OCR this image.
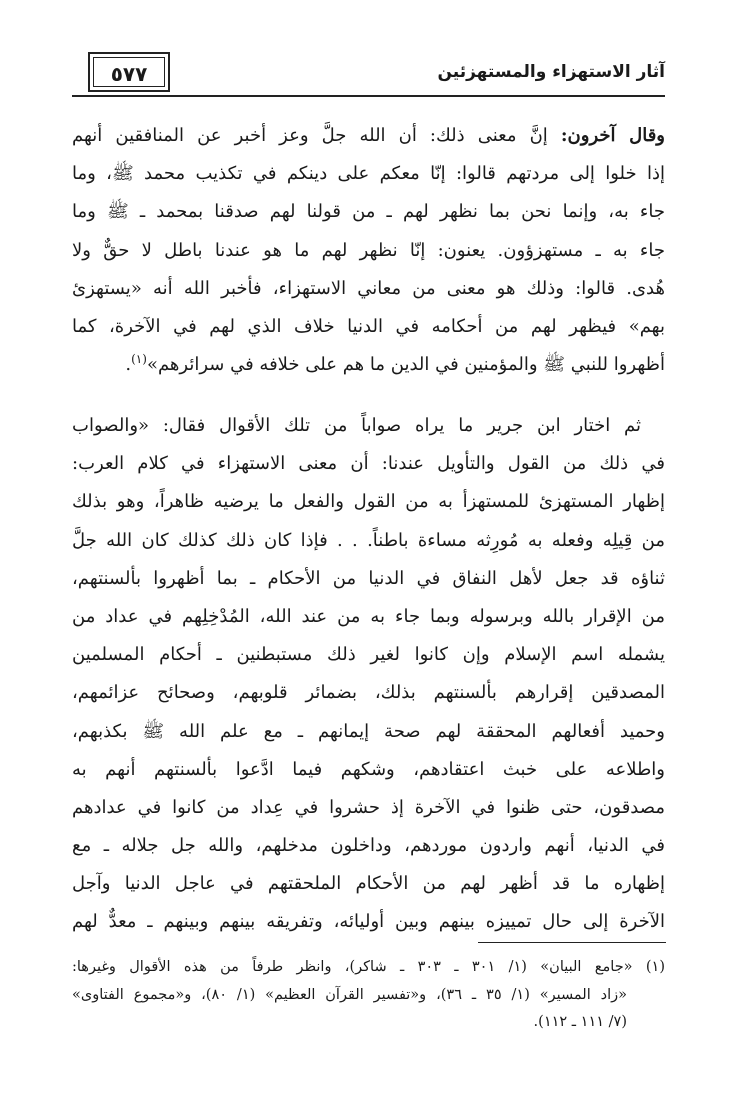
آثار الاستهزاء والمستهزئين
٥٧٧
وقال آخرون: إنَّ معنى ذلك: أن الله جلَّ وعز أخبر عن المنافقين أنهم
إذا خلوا إلى مردتهم قالوا: إنّا معكم على دينكم في تكذيب محمد ﷺ، وما
جاء به، وإنما نحن بما نظهر لهم ـ من قولنا لهم صدقنا بمحمد ـ ﷺ وما
جاء به ـ مستهزؤون. يعنون: إنّا نظهر لهم ما هو عندنا باطل لا حقٌّ ولا
هُدى. قالوا: وذلك هو معنى من معاني الاستهزاء، فأخبر الله أنه «يستهزئ
بهم» فيظهر لهم من أحكامه في الدنيا خلاف الذي لهم في الآخرة، كما
أظهروا للنبي ﷺ والمؤمنين في الدين ما هم على خلافه في سرائرهم»$^{(١)}$.
ثم اختار ابن جرير ما يراه صواباً من تلك الأقوال فقال: «والصواب
في ذلك من القول والتأويل عندنا: أن معنى الاستهزاء في كلام العرب:
إظهار المستهزئ للمستهزأ به من القول والفعل ما يرضيه ظاهراً، وهو بذلك
من قِيلِه وفعله به مُورِثه مساءة باطناً. . . فإذا كان ذلك كذلك كان الله جلَّ
ثناؤه قد جعل لأهل النفاق في الدنيا من الأحكام ـ بما أظهروا بألسنتهم،
من الإقرار بالله وبرسوله وبما جاء به من عند الله، المُدْخِلِهم في عداد من
يشمله اسم الإسلام وإن كانوا لغير ذلك مستبطنين ـ أحكام المسلمين
المصدقين إقرارهم بألسنتهم بذلك، بضمائر قلوبهم، وصحائح عزائمهم،
وحميد أفعالهم المحققة لهم صحة إيمانهم ـ مع علم الله ﷺ بكذبهم،
واطلاعه على خبث اعتقادهم، وشكهم فيما ادَّعوا بألسنتهم أنهم به
مصدقون، حتى ظنوا في الآخرة إذ حشروا في عِداد من كانوا في عدادهم
في الدنيا، أنهم واردون موردهم، وداخلون مدخلهم، والله جل جلاله ـ مع
إظهاره ما قد أظهر لهم من الأحكام الملحقتهم في عاجل الدنيا وآجل
الآخرة إلى حال تمييزه بينهم وبين أوليائه، وتفريقه بينهم وبينهم ـ معدٌّ لهم
(١) «جامع البيان» (١/ ٣٠١ ـ ٣٠٣ ـ شاكر)، وانظر طرفاً من هذه الأقوال وغيرها:
«زاد المسير» (١/ ٣٥ ـ ٣٦)، و«تفسير القرآن العظيم» (١/ ٨٠)، و«مجموع الفتاوى»
(٧/ ١١١ ـ ١١٢).
